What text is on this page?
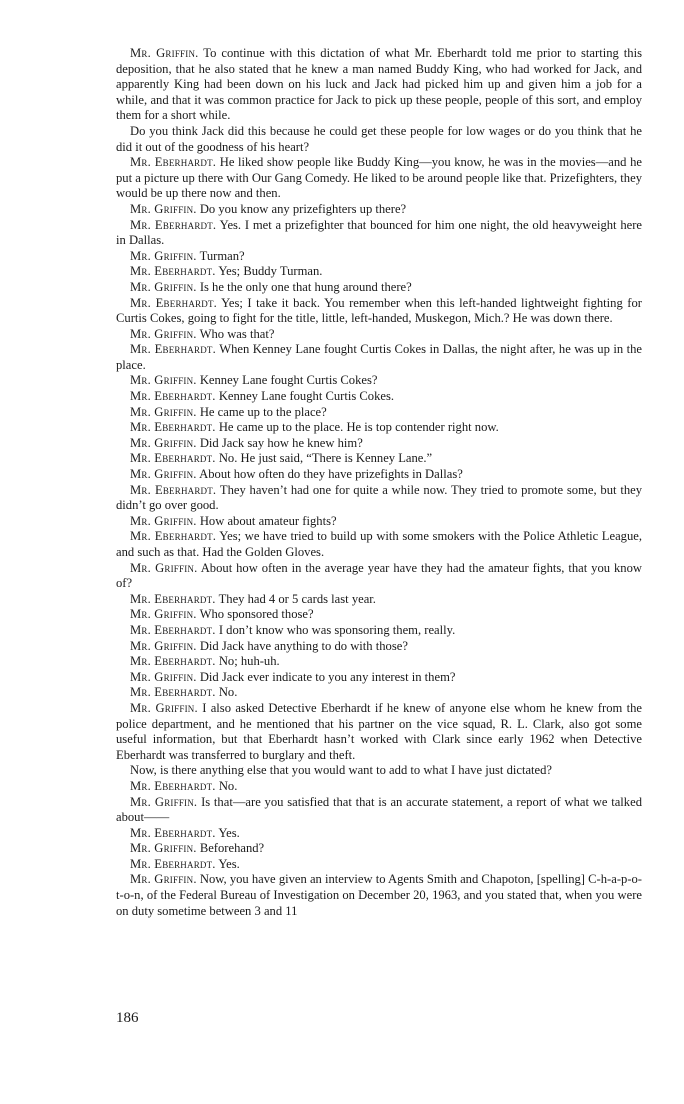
Mr. Griffin. To continue with this dictation of what Mr. Eberhardt told me prior to starting this deposition, that he also stated that he knew a man named Buddy King, who had worked for Jack, and apparently King had been down on his luck and Jack had picked him up and given him a job for a while, and that it was common practice for Jack to pick up these people, people of this sort, and employ them for a short while.

Do you think Jack did this because he could get these people for low wages or do you think that he did it out of the goodness of his heart?

Mr. Eberhardt. He liked show people like Buddy King—you know, he was in the movies—and he put a picture up there with Our Gang Comedy. He liked to be around people like that. Prizefighters, they would be up there now and then.

Mr. Griffin. Do you know any prizefighters up there?

Mr. Eberhardt. Yes. I met a prizefighter that bounced for him one night, the old heavyweight here in Dallas.

Mr. Griffin. Turman?

Mr. Eberhardt. Yes; Buddy Turman.

Mr. Griffin. Is he the only one that hung around there?

Mr. Eberhardt. Yes; I take it back. You remember when this left-handed lightweight fighting for Curtis Cokes, going to fight for the title, little, left-handed, Muskegon, Mich.? He was down there.

Mr. Griffin. Who was that?

Mr. Eberhardt. When Kenney Lane fought Curtis Cokes in Dallas, the night after, he was up in the place.

Mr. Griffin. Kenney Lane fought Curtis Cokes?

Mr. Eberhardt. Kenney Lane fought Curtis Cokes.

Mr. Griffin. He came up to the place?

Mr. Eberhardt. He came up to the place. He is top contender right now.

Mr. Griffin. Did Jack say how he knew him?

Mr. Eberhardt. No. He just said, “There is Kenney Lane.”

Mr. Griffin. About how often do they have prizefights in Dallas?

Mr. Eberhardt. They haven’t had one for quite a while now. They tried to promote some, but they didn’t go over good.

Mr. Griffin. How about amateur fights?

Mr. Eberhardt. Yes; we have tried to build up with some smokers with the Police Athletic League, and such as that. Had the Golden Gloves.

Mr. Griffin. About how often in the average year have they had the amateur fights, that you know of?

Mr. Eberhardt. They had 4 or 5 cards last year.

Mr. Griffin. Who sponsored those?

Mr. Eberhardt. I don’t know who was sponsoring them, really.

Mr. Griffin. Did Jack have anything to do with those?

Mr. Eberhardt. No; huh-uh.

Mr. Griffin. Did Jack ever indicate to you any interest in them?

Mr. Eberhardt. No.

Mr. Griffin. I also asked Detective Eberhardt if he knew of anyone else whom he knew from the police department, and he mentioned that his partner on the vice squad, R. L. Clark, also got some useful information, but that Eberhardt hasn’t worked with Clark since early 1962 when Detective Eberhardt was transferred to burglary and theft.

Now, is there anything else that you would want to add to what I have just dictated?

Mr. Eberhardt. No.

Mr. Griffin. Is that—are you satisfied that that is an accurate statement, a report of what we talked about——

Mr. Eberhardt. Yes.

Mr. Griffin. Beforehand?

Mr. Eberhardt. Yes.

Mr. Griffin. Now, you have given an interview to Agents Smith and Chapoton, [spelling] C-h-a-p-o-t-o-n, of the Federal Bureau of Investigation on December 20, 1963, and you stated that, when you were on duty sometime between 3 and 11

186
